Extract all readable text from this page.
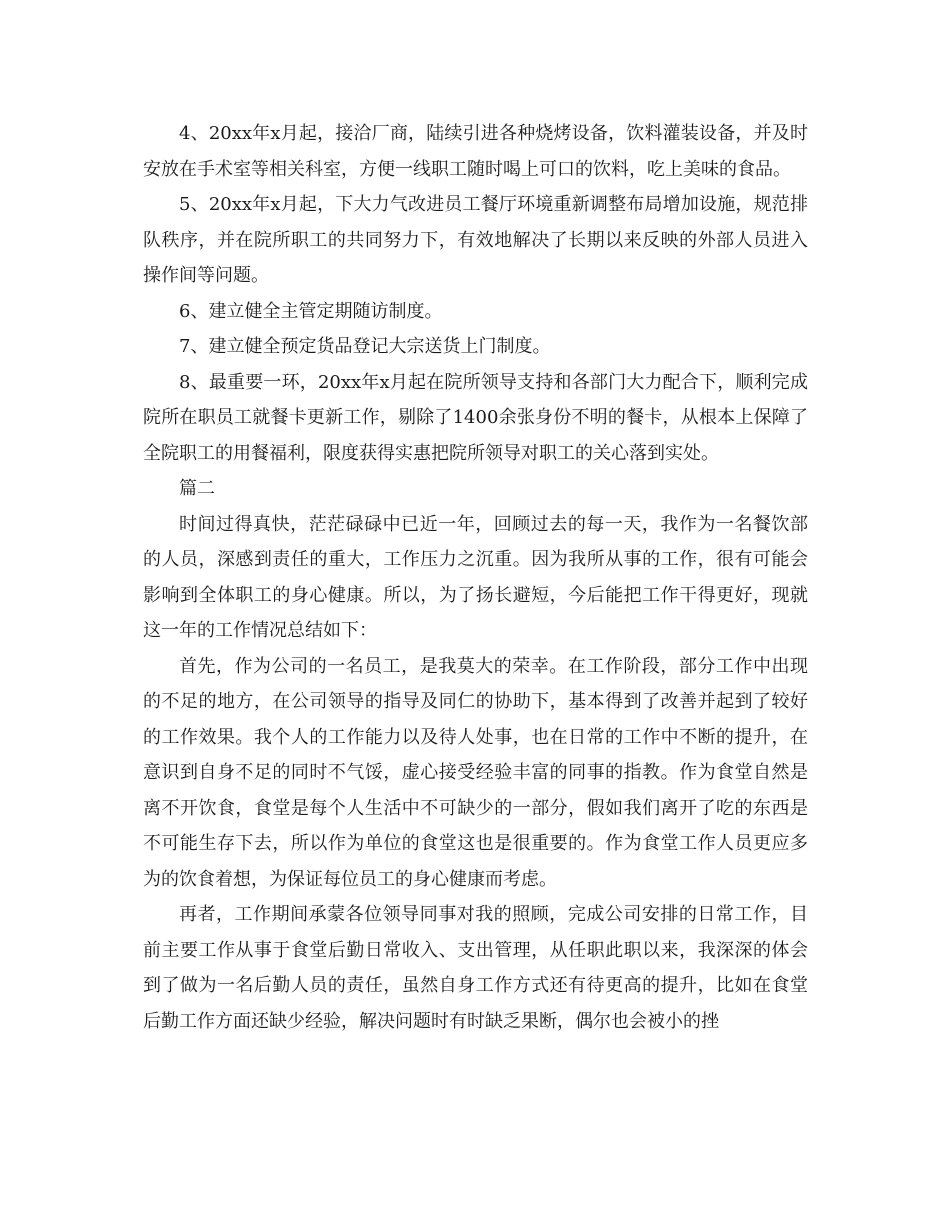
4、20xx年x月起，接洽厂商，陆续引进各种烧烤设备，饮料灌装设备，并及时安放在手术室等相关科室，方便一线职工随时喝上可口的饮料，吃上美味的食品。

5、20xx年x月起，下大力气改进员工餐厅环境重新调整布局增加设施，规范排队秩序，并在院所职工的共同努力下，有效地解决了长期以来反映的外部人员进入操作间等问题。

6、建立健全主管定期随访制度。

7、建立健全预定货品登记大宗送货上门制度。

8、最重要一环，20xx年x月起在院所领导支持和各部门大力配合下，顺利完成院所在职员工就餐卡更新工作，剔除了1400余张身份不明的餐卡，从根本上保障了全院职工的用餐福利，限度获得实惠把院所领导对职工的关心落到实处。

篇二

时间过得真快，茫茫碌碌中已近一年，回顾过去的每一天，我作为一名餐饮部的人员，深感到责任的重大，工作压力之沉重。因为我所从事的工作，很有可能会影响到全体职工的身心健康。所以，为了扬长避短，今后能把工作干得更好，现就这一年的工作情况总结如下：

首先，作为公司的一名员工，是我莫大的荣幸。在工作阶段，部分工作中出现的不足的地方，在公司领导的指导及同仁的协助下，基本得到了改善并起到了较好的工作效果。我个人的工作能力以及待人处事，也在日常的工作中不断的提升，在意识到自身不足的同时不气馁，虚心接受经验丰富的同事的指教。作为食堂自然是离不开饮食，食堂是每个人生活中不可缺少的一部分，假如我们离开了吃的东西是不可能生存下去，所以作为单位的食堂这也是很重要的。作为食堂工作人员更应多为的饮食着想，为保证每位员工的身心健康而考虑。

再者，工作期间承蒙各位领导同事对我的照顾，完成公司安排的日常工作，目前主要工作从事于食堂后勤日常收入、支出管理，从任职此职以来，我深深的体会到了做为一名后勤人员的责任，虽然自身工作方式还有待更高的提升，比如在食堂后勤工作方面还缺少经验，解决问题时有时缺乏果断，偶尔也会被小的挫
